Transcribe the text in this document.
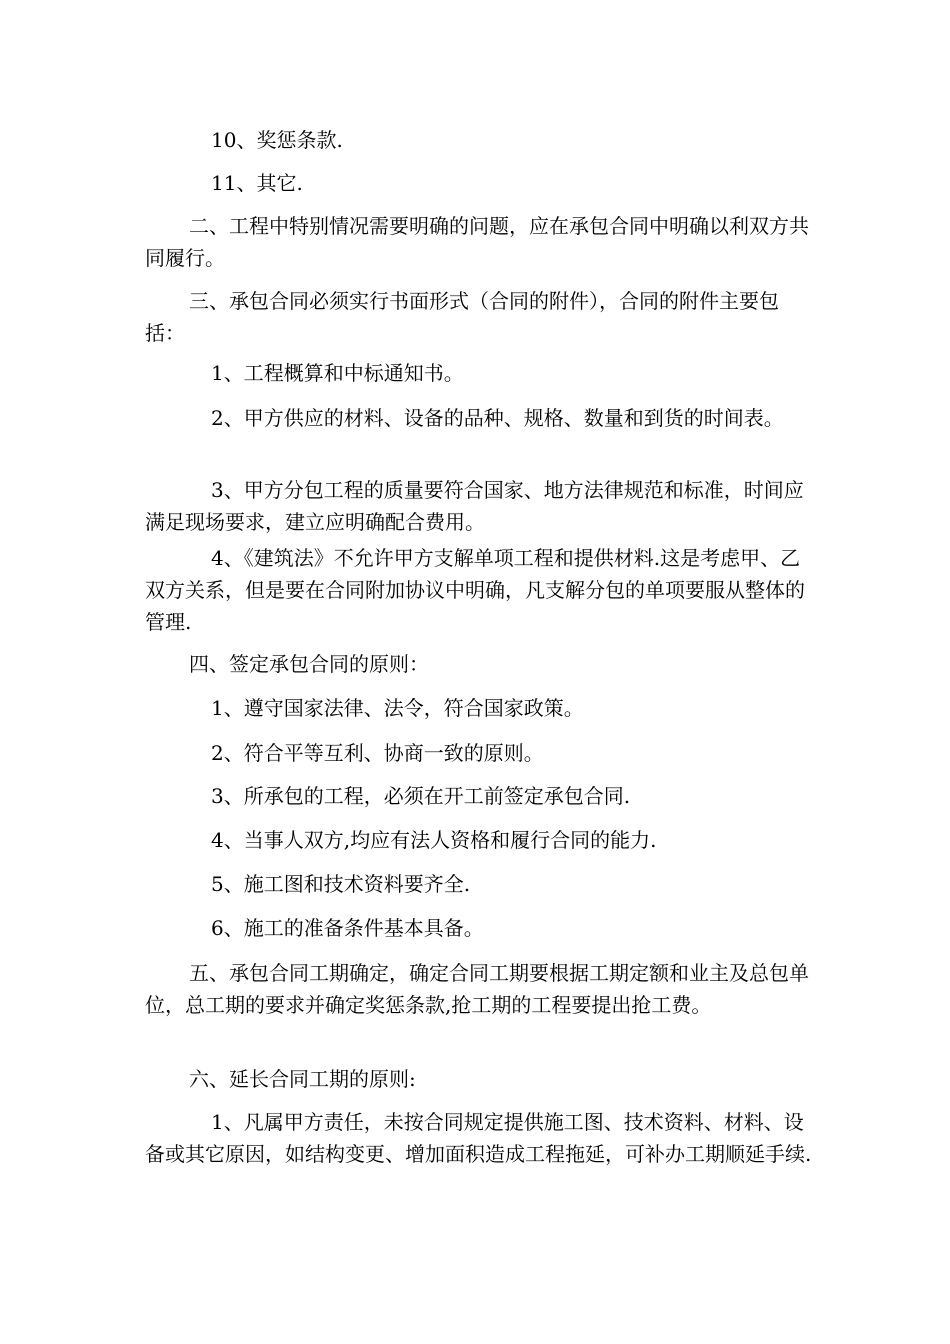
10、奖惩条款.

11、其它.

二、工程中特别情况需要明确的问题，应在承包合同中明确以利双方共同履行。

三、承包合同必须实行书面形式（合同的附件），合同的附件主要包括：

1、工程概算和中标通知书。

2、甲方供应的材料、设备的品种、规格、数量和到货的时间表。

3、甲方分包工程的质量要符合国家、地方法律规范和标准，时间应满足现场要求，建立应明确配合费用。

4、《建筑法》不允许甲方支解单项工程和提供材料.这是考虑甲、乙双方关系，但是要在合同附加协议中明确，凡支解分包的单项要服从整体的管理.

四、签定承包合同的原则：

1、遵守国家法律、法令，符合国家政策。

2、符合平等互利、协商一致的原则。

3、所承包的工程，必须在开工前签定承包合同.

4、当事人双方,均应有法人资格和履行合同的能力.

5、施工图和技术资料要齐全.

6、施工的准备条件基本具备。

五、承包合同工期确定，确定合同工期要根据工期定额和业主及总包单位，总工期的要求并确定奖惩条款,抢工期的工程要提出抢工费。

六、延长合同工期的原则:

1、凡属甲方责任，未按合同规定提供施工图、技术资料、材料、设备或其它原因，如结构变更、增加面积造成工程拖延，可补办工期顺延手续.
